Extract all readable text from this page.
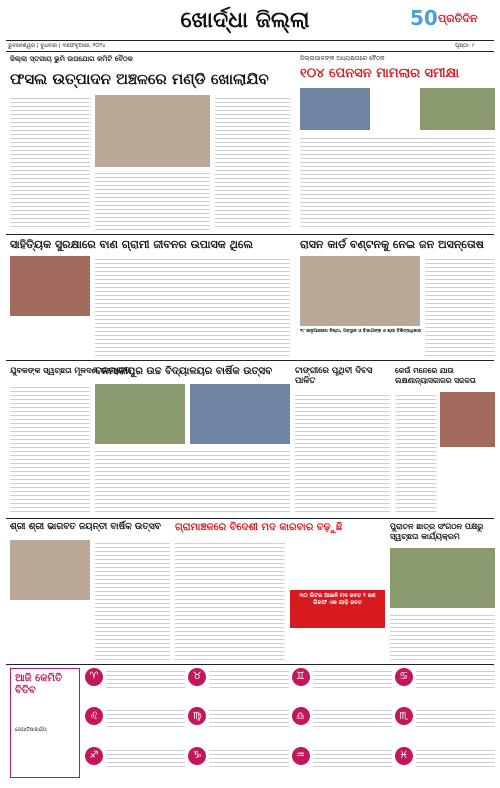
ଖୋର୍ଦ୍ଧା ଜିଲ୍ଲା	50 ପ୍ରତିଦିନ
ଭୁବନେଶ୍ୱର | ବୁଧବାର | ୩ଫେବୃଆରୀ, ୨୦୨୪	ପୃଷ୍ଠା: ୯
ଜିଲ୍ଲା ସ୍ତରୀୟ ଭୁମି ଉପଯୋଗ କମିଟି ବୈଠକ
ଫସଲ ଉତ୍ପାଦନ ଅଞ୍ଚଳରେ ମଣ୍ଡି ଖୋଲାଯିବ
ଜିଲ୍ଲାପାଳଙ୍କ ଅଧ୍ୟକ୍ଷତାରେ ବୈଠକ
୧୦୪ ପେନସନ ମାମଲାର ସମୀକ୍ଷା
ସାହିତ୍ୟିକ ସୁରକ୍ଷାରେ ବାଣ ଗ୍ରାମୀ ଜୀବନର ଉପାସକ ଥିଲେ	ରାସନ କାର୍ଡ ବଣ୍ଟନକୁ ନେଇ ଜନ ଅସନ୍ତୋଷ
୧୯ ଜାନୁଆରୀରେ ନିଷ୍ଠା, ଅବସ୍ଥାନ ଓ ବିଭାଗଙ୍କ ଓ ଶ୍ରୀ ଚିକିତ୍ସାଧିକାର
ଯୁବକଙ୍କ ସ୍ୱଚ୍ଛତା ମୂଳଦଣ ଉଦ୍ୟୋଗ
ବନମାଳୀପୁର ଉଚ୍ଚ ବିଦ୍ୟାଳୟର ବାର୍ଷିକ ଉତ୍ସବ	ଟାଙ୍ଗୀରେ ପୃଥିବୀ ଦିବସ ପାଳିତ
କେଉଁ ମନେରେ ଯାଉ ଲକ୍ଷଣାନ୍ୟାସକାରର ସଜକତା
ଶ୍ରୀ ଶ୍ରୀ ଭାଗବତ ଜୟନ୍ତୀ ବାର୍ଷିକ ଉତ୍ସବ	ଗ୍ରାମାଞ୍ଚଳରେ ବିଦେଶୀ ମଦ କାରବାର ବଢ଼ୁଛି
୩୦ ଲିଟର ଆଇନି ମଦ ଜବତ ୨ ଜଣ ଗିରଫ ଏକ ଗାଡ଼ି ଜବତ
ପୁରାତନ ଛାତ୍ର ସଂଗଠନ ପକ୍ଷରୁ ସ୍ୱଚ୍ଛତା କାର୍ଯ୍ୟକ୍ରମ
ଆଜି କେମିତି ବିତିବ
ଜ୍ୟୋତିଷାଚାର୍ଯ୍ୟ
♈	♉	♊	♋
♌	♍	♎	♏
♐	♑	♒	♓
